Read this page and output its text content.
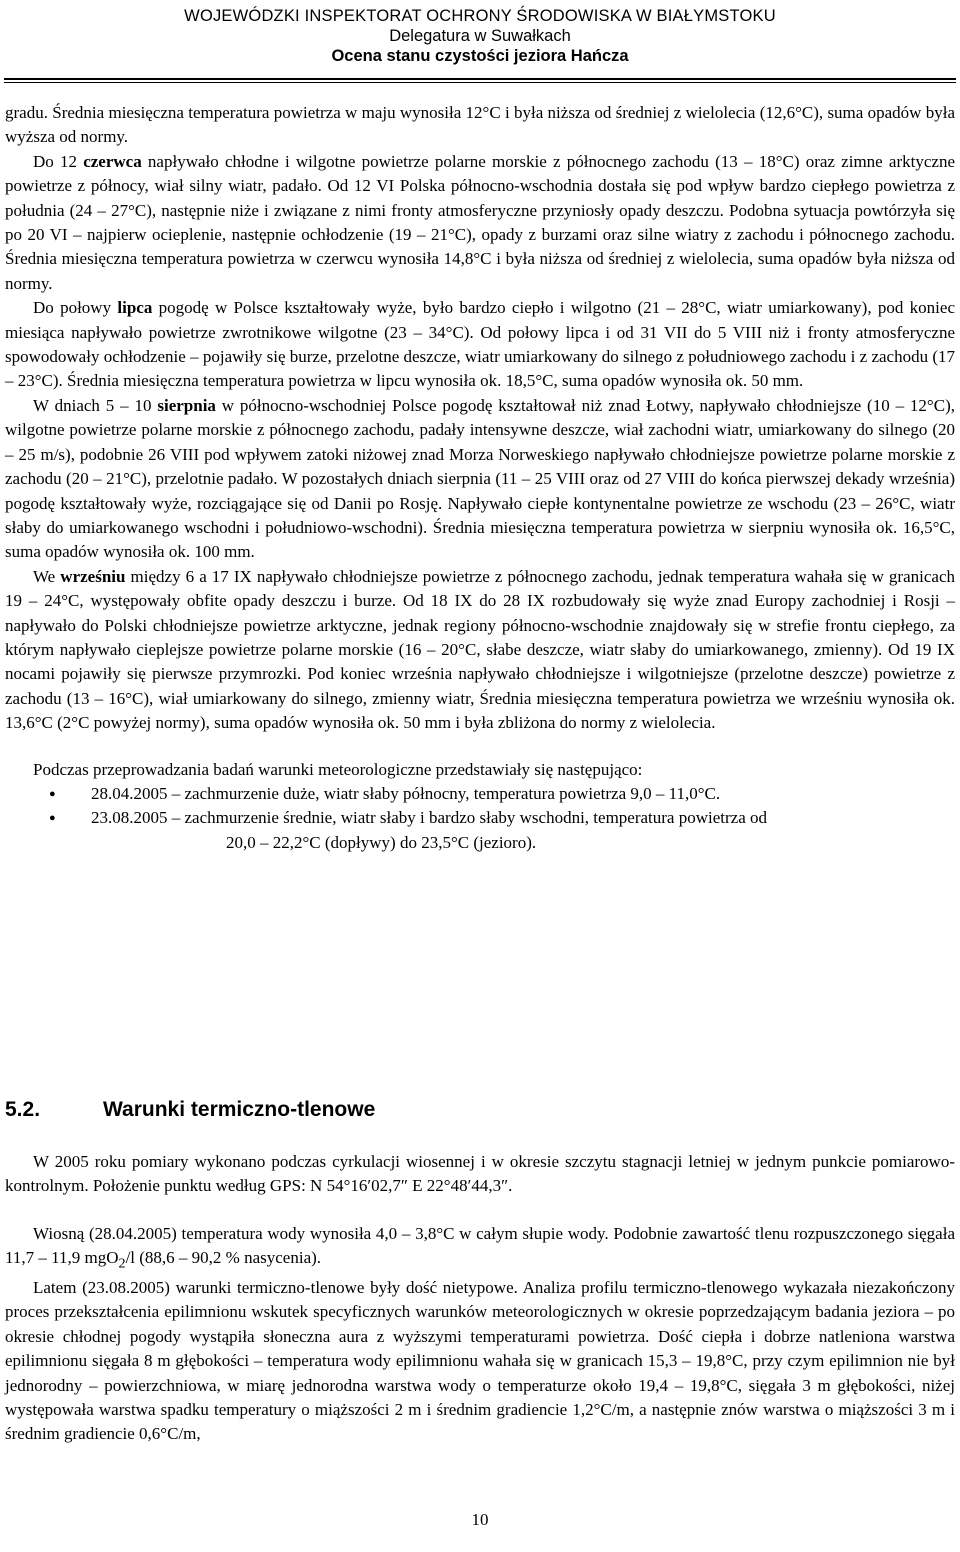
WOJEWÓDZKI INSPEKTORAT OCHRONY ŚRODOWISKA W BIAŁYMSTOKU
Delegatura w Suwałkach
Ocena stanu czystości jeziora Hańcza

gradu. Średnia miesięczna temperatura powietrza w maju wynosiła 12°C i była niższa od średniej z wielolecia (12,6°C), suma opadów była wyższa od normy.

Do 12 czerwca napływało chłodne i wilgotne powietrze polarne morskie z północnego zachodu (13 – 18°C) oraz zimne arktyczne powietrze z północy, wiał silny wiatr, padało. Od 12 VI Polska północno-wschodnia dostała się pod wpływ bardzo ciepłego powietrza z południa (24 – 27°C), następnie niże i związane z nimi fronty atmosferyczne przyniosły opady deszczu. Podobna sytuacja powtórzyła się po 20 VI – najpierw ocieplenie, następnie ochłodzenie (19 – 21°C), opady z burzami oraz silne wiatry z zachodu i północnego zachodu. Średnia miesięczna temperatura powietrza w czerwcu wynosiła 14,8°C i była niższa od średniej z wielolecia, suma opadów była niższa od normy.

Do połowy lipca pogodę w Polsce kształtowały wyże, było bardzo ciepło i wilgotno (21 – 28°C, wiatr umiarkowany), pod koniec miesiąca napływało powietrze zwrotnikowe wilgotne (23 – 34°C). Od połowy lipca i od 31 VII do 5 VIII niż i fronty atmosferyczne spowodowały ochłodzenie – pojawiły się burze, przelotne deszcze, wiatr umiarkowany do silnego z południowego zachodu i z zachodu (17 – 23°C). Średnia miesięczna temperatura powietrza w lipcu wynosiła ok. 18,5°C, suma opadów wynosiła ok. 50 mm.

W dniach 5 – 10 sierpnia w północno-wschodniej Polsce pogodę kształtował niż znad Łotwy, napływało chłodniejsze (10 – 12°C), wilgotne powietrze polarne morskie z północnego zachodu, padały intensywne deszcze, wiał zachodni wiatr, umiarkowany do silnego (20 – 25 m/s), podobnie 26 VIII pod wpływem zatoki niżowej znad Morza Norweskiego napływało chłodniejsze powietrze polarne morskie z zachodu (20 – 21°C), przelotnie padało. W pozostałych dniach sierpnia (11 – 25 VIII oraz od 27 VIII do końca pierwszej dekady września) pogodę kształtowały wyże, rozciągające się od Danii po Rosję. Napływało ciepłe kontynentalne powietrze ze wschodu (23 – 26°C, wiatr słaby do umiarkowanego wschodni i południowo-wschodni). Średnia miesięczna temperatura powietrza w sierpniu wynosiła ok. 16,5°C, suma opadów wynosiła ok. 100 mm.

We wrześniu między 6 a 17 IX napływało chłodniejsze powietrze z północnego zachodu, jednak temperatura wahała się w granicach 19 – 24°C, występowały obfite opady deszczu i burze. Od 18 IX do 28 IX rozbudowały się wyże znad Europy zachodniej i Rosji – napływało do Polski chłodniejsze powietrze arktyczne, jednak regiony północno-wschodnie znajdowały się w strefie frontu ciepłego, za którym napływało cieplejsze powietrze polarne morskie (16 – 20°C, słabe deszcze, wiatr słaby do umiarkowanego, zmienny). Od 19 IX nocami pojawiły się pierwsze przymrozki. Pod koniec września napływało chłodniejsze i wilgotniejsze (przelotne deszcze) powietrze z zachodu (13 – 16°C), wiał umiarkowany do silnego, zmienny wiatr, Średnia miesięczna temperatura powietrza we wrześniu wynosiła ok. 13,6°C (2°C powyżej normy), suma opadów wynosiła ok. 50 mm i była zbliżona do normy z wielolecia.

Podczas przeprowadzania badań warunki meteorologiczne przedstawiały się następująco:

● 28.04.2005 – zachmurzenie duże, wiatr słaby północny, temperatura powietrza 9,0 – 11,0°C.
● 23.08.2005 – zachmurzenie średnie, wiatr słaby i bardzo słaby wschodni, temperatura powietrza od
20,0 – 22,2°C (dopływy) do 23,5°C (jezioro).
5.2.	Warunki termiczno-tlenowe

W 2005 roku pomiary wykonano podczas cyrkulacji wiosennej i w okresie szczytu stagnacji letniej w jednym punkcie pomiarowo-kontrolnym. Położenie punktu według GPS: N 54°16′02,7″ E 22°48′44,3″.

Wiosną (28.04.2005) temperatura wody wynosiła 4,0 – 3,8°C w całym słupie wody. Podobnie zawartość tlenu rozpuszczonego sięgała 11,7 – 11,9 mgO$_2$/l (88,6 – 90,2 % nasycenia).

Latem (23.08.2005) warunki termiczno-tlenowe były dość nietypowe. Analiza profilu termiczno-tlenowego wykazała niezakończony proces przekształcenia epilimnionu wskutek specyficznych warunków meteorologicznych w okresie poprzedzającym badania jeziora – po okresie chłodnej pogody wystąpiła słoneczna aura z wyższymi temperaturami powietrza. Dość ciepła i dobrze natleniona warstwa epilimnionu sięgała 8 m głębokości – temperatura wody epilimnionu wahała się w granicach 15,3 – 19,8°C, przy czym epilimnion nie był jednorodny – powierzchniowa, w miarę jednorodna warstwa wody o temperaturze około 19,4 – 19,8°C, sięgała 3 m głębokości, niżej występowała warstwa spadku temperatury o miąższości 2 m i średnim gradiencie 1,2°C/m, a następnie znów warstwa o miąższości 3 m i średnim gradiencie 0,6°C/m,

10
